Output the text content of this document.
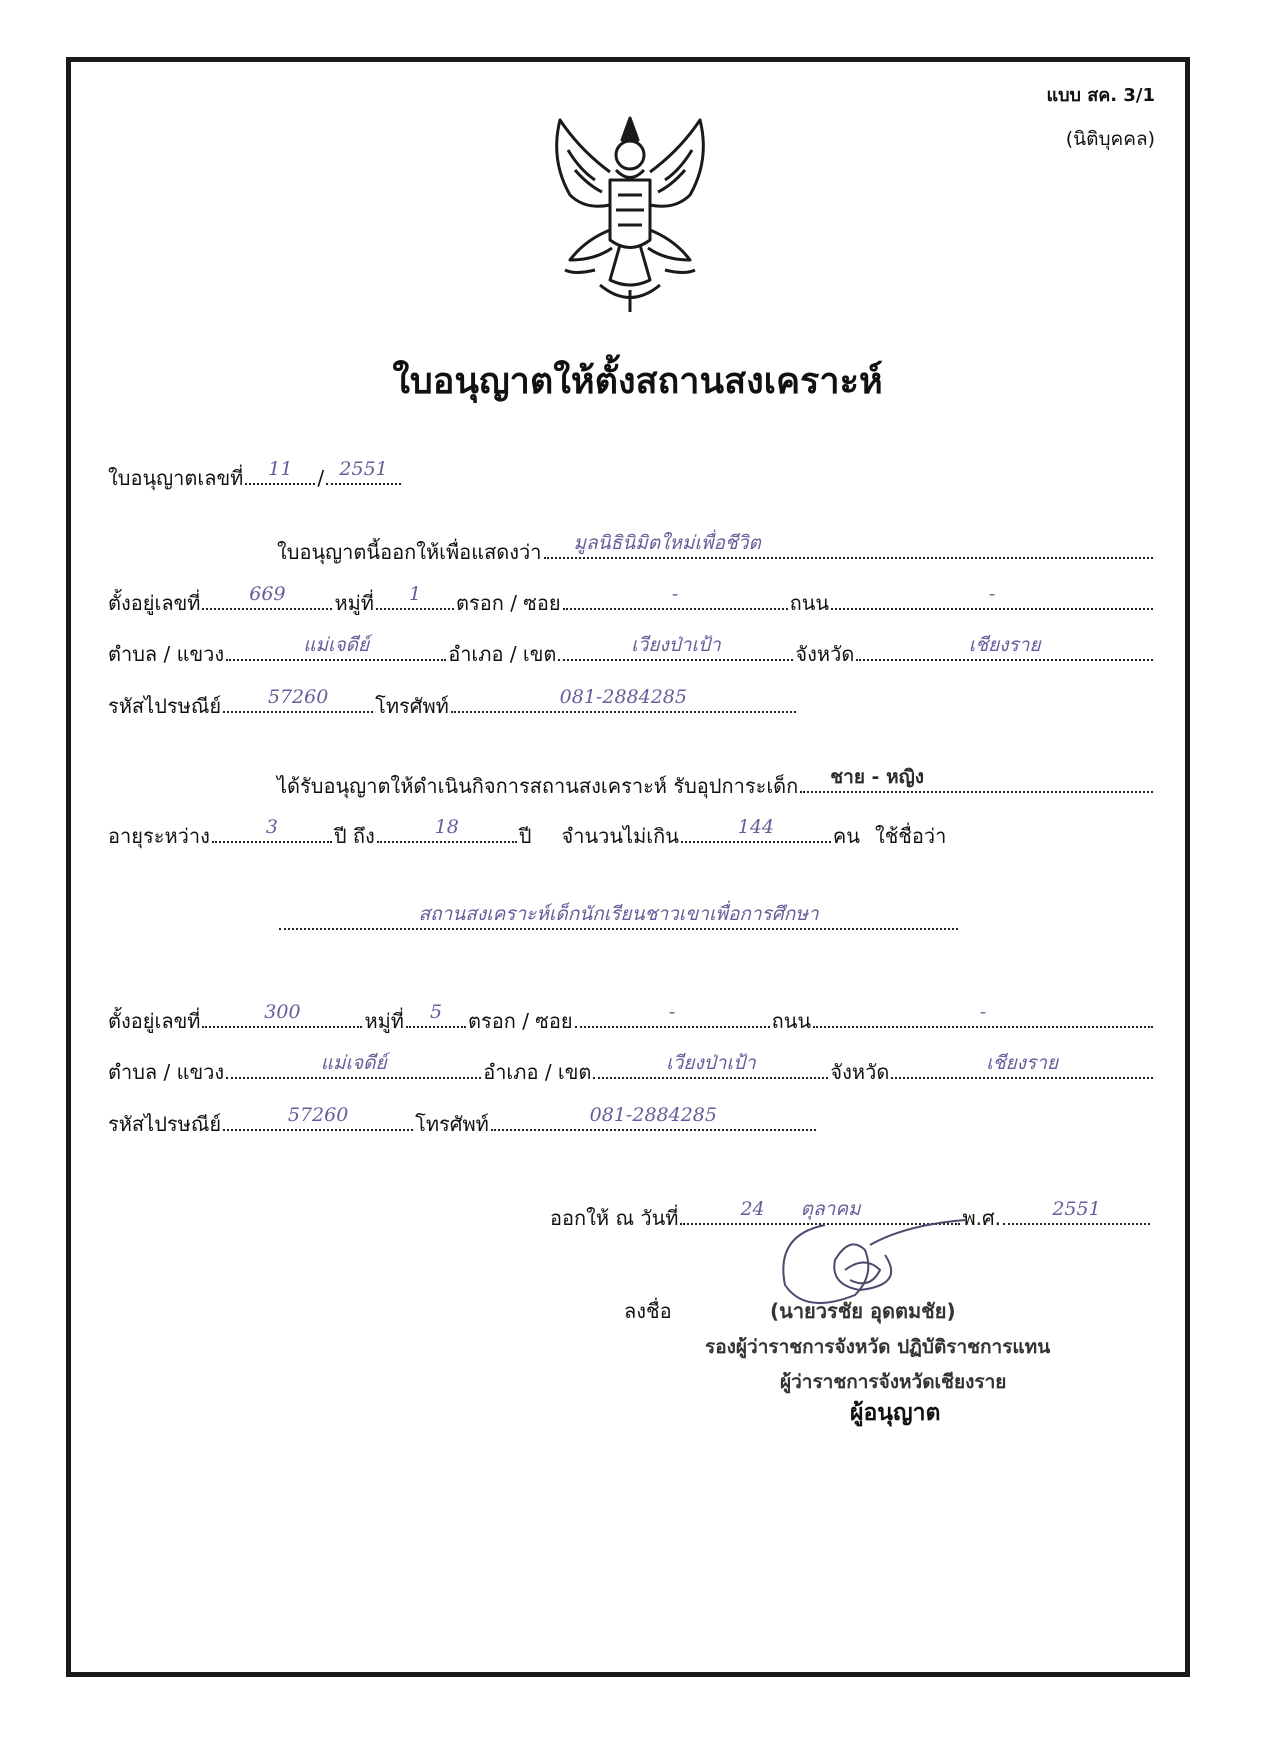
แบบ สค. 3/1
(นิติบุคคล)
ใบอนุญาตให้ตั้งสถานสงเคราะห์
ใบอนุญาตเลขที่	11	/ 2551
ใบอนุญาตนี้ออกให้เพื่อแสดงว่า	มูลนิธินิมิตใหม่เพื่อชีวิต
ตั้งอยู่เลขที่	669	หมู่ที่	1	ตรอก / ซอย	-	ถนน	-
ตำบล / แขวง	แม่เจดีย์	อำเภอ / เขต	เวียงป่าเป้า	จังหวัด	เชียงราย
รหัสไปรษณีย์	57260	โทรศัพท์	081-2884285
ได้รับอนุญาตให้ดำเนินกิจการสถานสงเคราะห์ รับอุปการะเด็ก	ชาย - หญิง
อายุระหว่าง	3	ปี ถึง	18	ปี จำนวนไม่เกิน	144	คน ใช้ชื่อว่า
สถานสงเคราะห์เด็กนักเรียนชาวเขาเพื่อการศึกษา
ตั้งอยู่เลขที่	300	หมู่ที่	5	ตรอก / ซอย	-	ถนน	-
ตำบล / แขวง	แม่เจดีย์	อำเภอ / เขต	เวียงป่าเป้า	จังหวัด	เชียงราย
รหัสไปรษณีย์	57260	โทรศัพท์	081-2884285
ออกให้ ณ วันที่	24 ตุลาคม	พ.ศ.	2551
ลงชื่อ	(นายวรชัย อุดตมชัย)
รองผู้ว่าราชการจังหวัด ปฏิบัติราชการแทน
ผู้ว่าราชการจังหวัดเชียงราย
ผู้อนุญาต
